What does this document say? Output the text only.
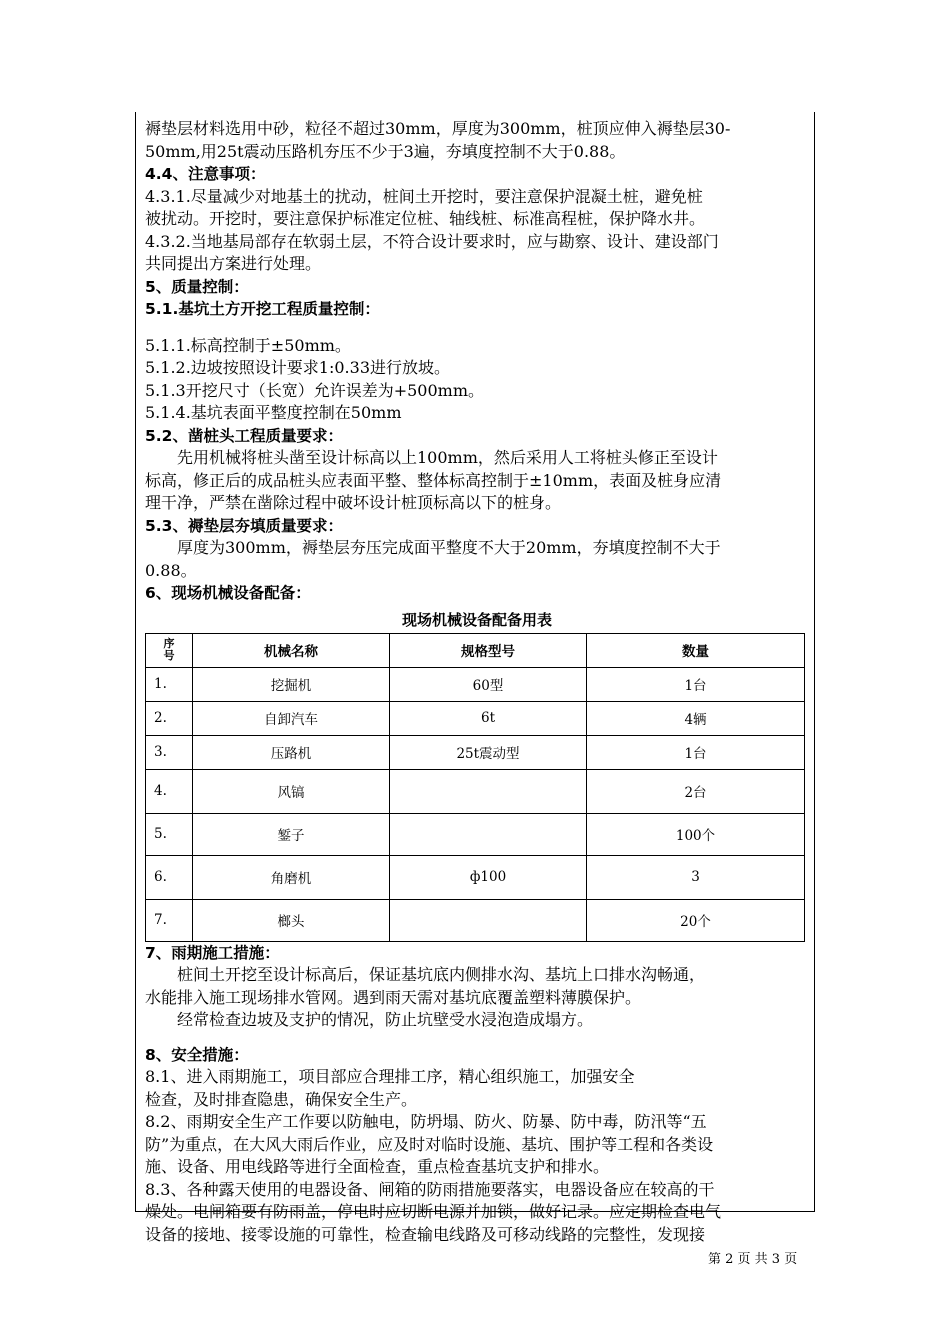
褥垫层材料选用中砂，粒径不超过30mm，厚度为300mm，桩顶应伸入褥垫层30-

50mm,用25t震动压路机夯压不少于3遍，夯填度控制不大于0.88。

4.4、注意事项：

4.3.1.尽量减少对地基土的扰动，桩间土开挖时，要注意保护混凝土桩，避免桩

被扰动。开挖时，要注意保护标准定位桩、轴线桩、标准高程桩，保护降水井。

4.3.2.当地基局部存在软弱土层，不符合设计要求时，应与勘察、设计、建设部门

共同提出方案进行处理。

5、质量控制：

5.1.基坑土方开挖工程质量控制：

5.1.1.标高控制于±50mm。

5.1.2.边坡按照设计要求1:0.33进行放坡。

5.1.3开挖尺寸（长宽）允许误差为+500mm。

5.1.4.基坑表面平整度控制在50mm

5.2、凿桩头工程质量要求：

先用机械将桩头凿至设计标高以上100mm，然后采用人工将桩头修正至设计

标高，修正后的成品桩头应表面平整、整体标高控制于±10mm，表面及桩身应清

理干净，严禁在凿除过程中破坏设计桩顶标高以下的桩身。

5.3、褥垫层夯填质量要求：

厚度为300mm，褥垫层夯压完成面平整度不大于20mm，夯填度控制不大于

0.88。

6、现场机械设备配备：

现场机械设备配备用表
序
号	机械名称	规格型号	数量
1.	挖掘机	60型	1台
2.	自卸汽车	6t	4辆
3.	压路机	25t震动型	1台
4.	风镐		2台
5.	錾子		100个
6.	角磨机	ф100	3
7.	榔头		20个

7、雨期施工措施：

桩间土开挖至设计标高后，保证基坑底内侧排水沟、基坑上口排水沟畅通，

水能排入施工现场排水管网。遇到雨天需对基坑底覆盖塑料薄膜保护。

经常检查边坡及支护的情况，防止坑壁受水浸泡造成塌方。

8、安全措施：

8.1、进入雨期施工，项目部应合理排工序，精心组织施工，加强安全

检查，及时排查隐患，确保安全生产。

8.2、雨期安全生产工作要以防触电，防坍塌、防火、防暴、防中毒，防汛等“五

防”为重点，在大风大雨后作业，应及时对临时设施、基坑、围护等工程和各类设

施、设备、用电线路等进行全面检查，重点检查基坑支护和排水。

8.3、各种露天使用的电器设备、闸箱的防雨措施要落实，电器设备应在较高的干

燥处。电闸箱要有防雨盖，停电时应切断电源并加锁，做好记录。应定期检查电气

设备的接地、接零设施的可靠性，检查输电线路及可移动线路的完整性，发现接

第 2 页 共 3 页
